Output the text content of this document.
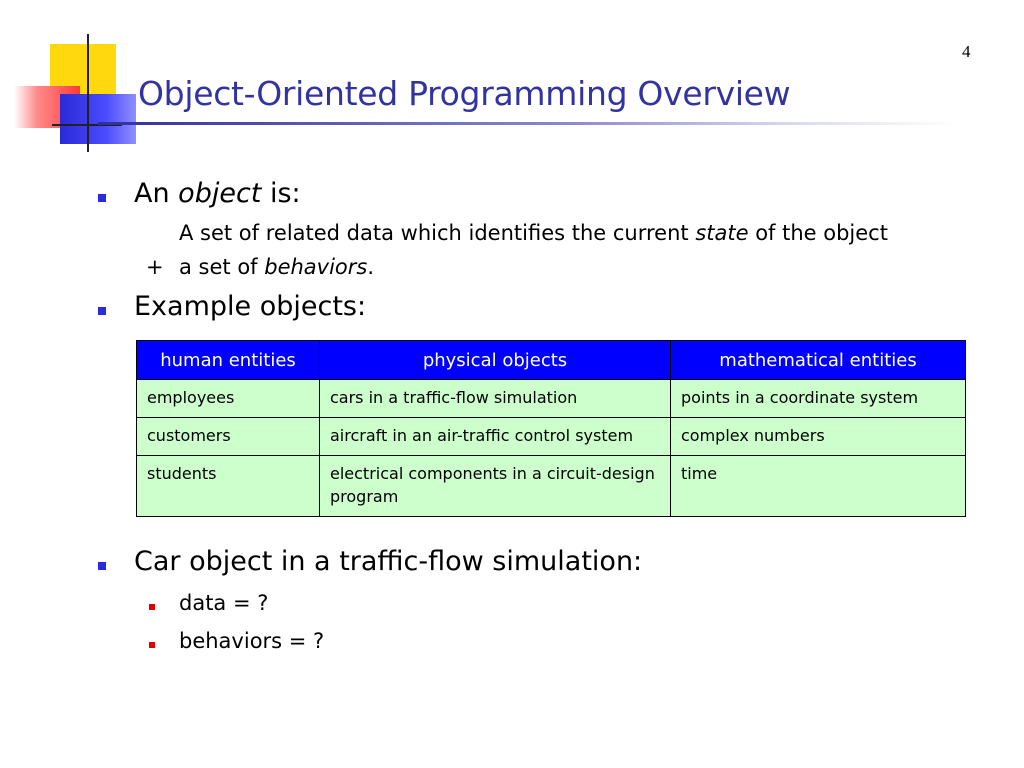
4
Object-Oriented Programming Overview
An object is:
A set of related data which identifies the current state of the object
+ a set of behaviors.
Example objects:
human entities	physical objects	mathematical entities
employees	cars in a traffic-flow simulation	points in a coordinate system
customers	aircraft in an air-traffic control system	complex numbers
students	electrical components in a circuit-design program	time
Car object in a traffic-flow simulation:
data = ?
behaviors = ?
